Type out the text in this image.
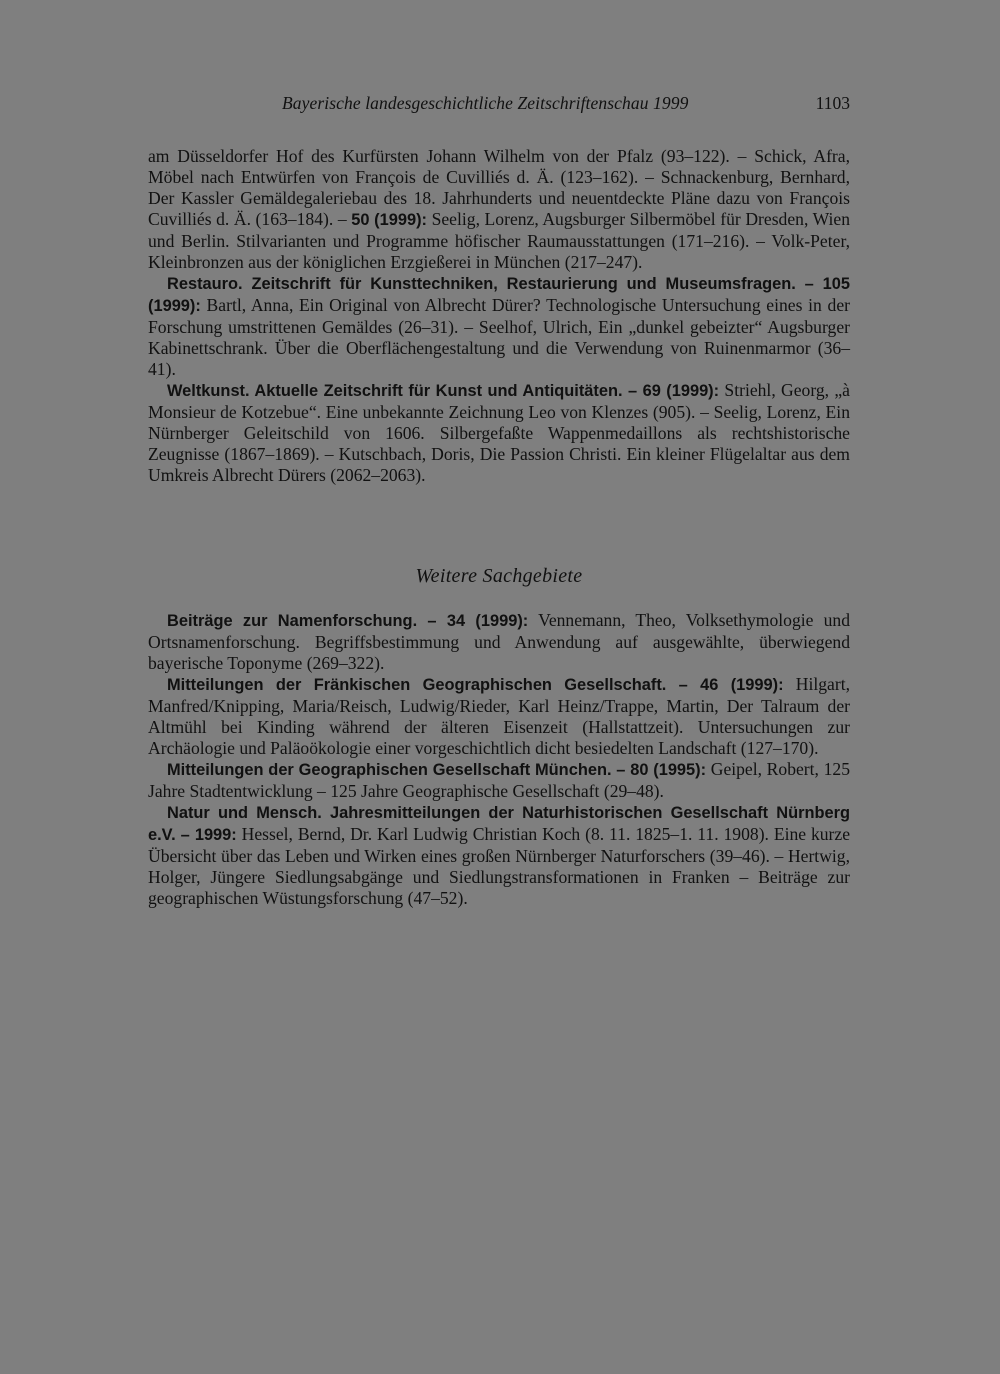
Bayerische landesgeschichtliche Zeitschriftenschau 1999	1103

am Düsseldorfer Hof des Kurfürsten Johann Wilhelm von der Pfalz (93–122). – Schick, Afra, Möbel nach Entwürfen von François de Cuvilliés d. Ä. (123–162). – Schnackenburg, Bernhard, Der Kassler Gemäldegaleriebau des 18. Jahrhunderts und neuentdeckte Pläne dazu von François Cuvilliés d. Ä. (163–184). – 50 (1999): Seelig, Lorenz, Augsburger Silbermöbel für Dresden, Wien und Berlin. Stilvarianten und Programme höfischer Raumausstattungen (171–216). – Volk-Peter, Kleinbronzen aus der königlichen Erzgießerei in München (217–247).

Restauro. Zeitschrift für Kunsttechniken, Restaurierung und Museumsfragen. – 105 (1999): Bartl, Anna, Ein Original von Albrecht Dürer? Technologische Untersuchung eines in der Forschung umstrittenen Gemäldes (26–31). – Seelhof, Ulrich, Ein „dunkel gebeizter“ Augsburger Kabinettschrank. Über die Oberflächengestaltung und die Verwendung von Ruinenmarmor (36–41).

Weltkunst. Aktuelle Zeitschrift für Kunst und Antiquitäten. – 69 (1999): Striehl, Georg, „à Monsieur de Kotzebue“. Eine unbekannte Zeichnung Leo von Klenzes (905). – Seelig, Lorenz, Ein Nürnberger Geleitschild von 1606. Silbergefaßte Wappenmedaillons als rechtshistorische Zeugnisse (1867–1869). – Kutschbach, Doris, Die Passion Christi. Ein kleiner Flügelaltar aus dem Umkreis Albrecht Dürers (2062–2063).

Weitere Sachgebiete

Beiträge zur Namenforschung. – 34 (1999): Vennemann, Theo, Volksethymologie und Ortsnamenforschung. Begriffsbestimmung und Anwendung auf ausgewählte, überwiegend bayerische Toponyme (269–322).

Mitteilungen der Fränkischen Geographischen Gesellschaft. – 46 (1999): Hilgart, Manfred/Knipping, Maria/Reisch, Ludwig/Rieder, Karl Heinz/Trappe, Martin, Der Talraum der Altmühl bei Kinding während der älteren Eisenzeit (Hallstattzeit). Untersuchungen zur Archäologie und Paläoökologie einer vorgeschichtlich dicht besiedelten Landschaft (127–170).

Mitteilungen der Geographischen Gesellschaft München. – 80 (1995): Geipel, Robert, 125 Jahre Stadtentwicklung – 125 Jahre Geographische Gesellschaft (29–48).

Natur und Mensch. Jahresmitteilungen der Naturhistorischen Gesellschaft Nürnberg e.V. – 1999: Hessel, Bernd, Dr. Karl Ludwig Christian Koch (8. 11. 1825–1. 11. 1908). Eine kurze Übersicht über das Leben und Wirken eines großen Nürnberger Naturforschers (39–46). – Hertwig, Holger, Jüngere Siedlungsabgänge und Siedlungstransformationen in Franken – Beiträge zur geographischen Wüstungsforschung (47–52).
